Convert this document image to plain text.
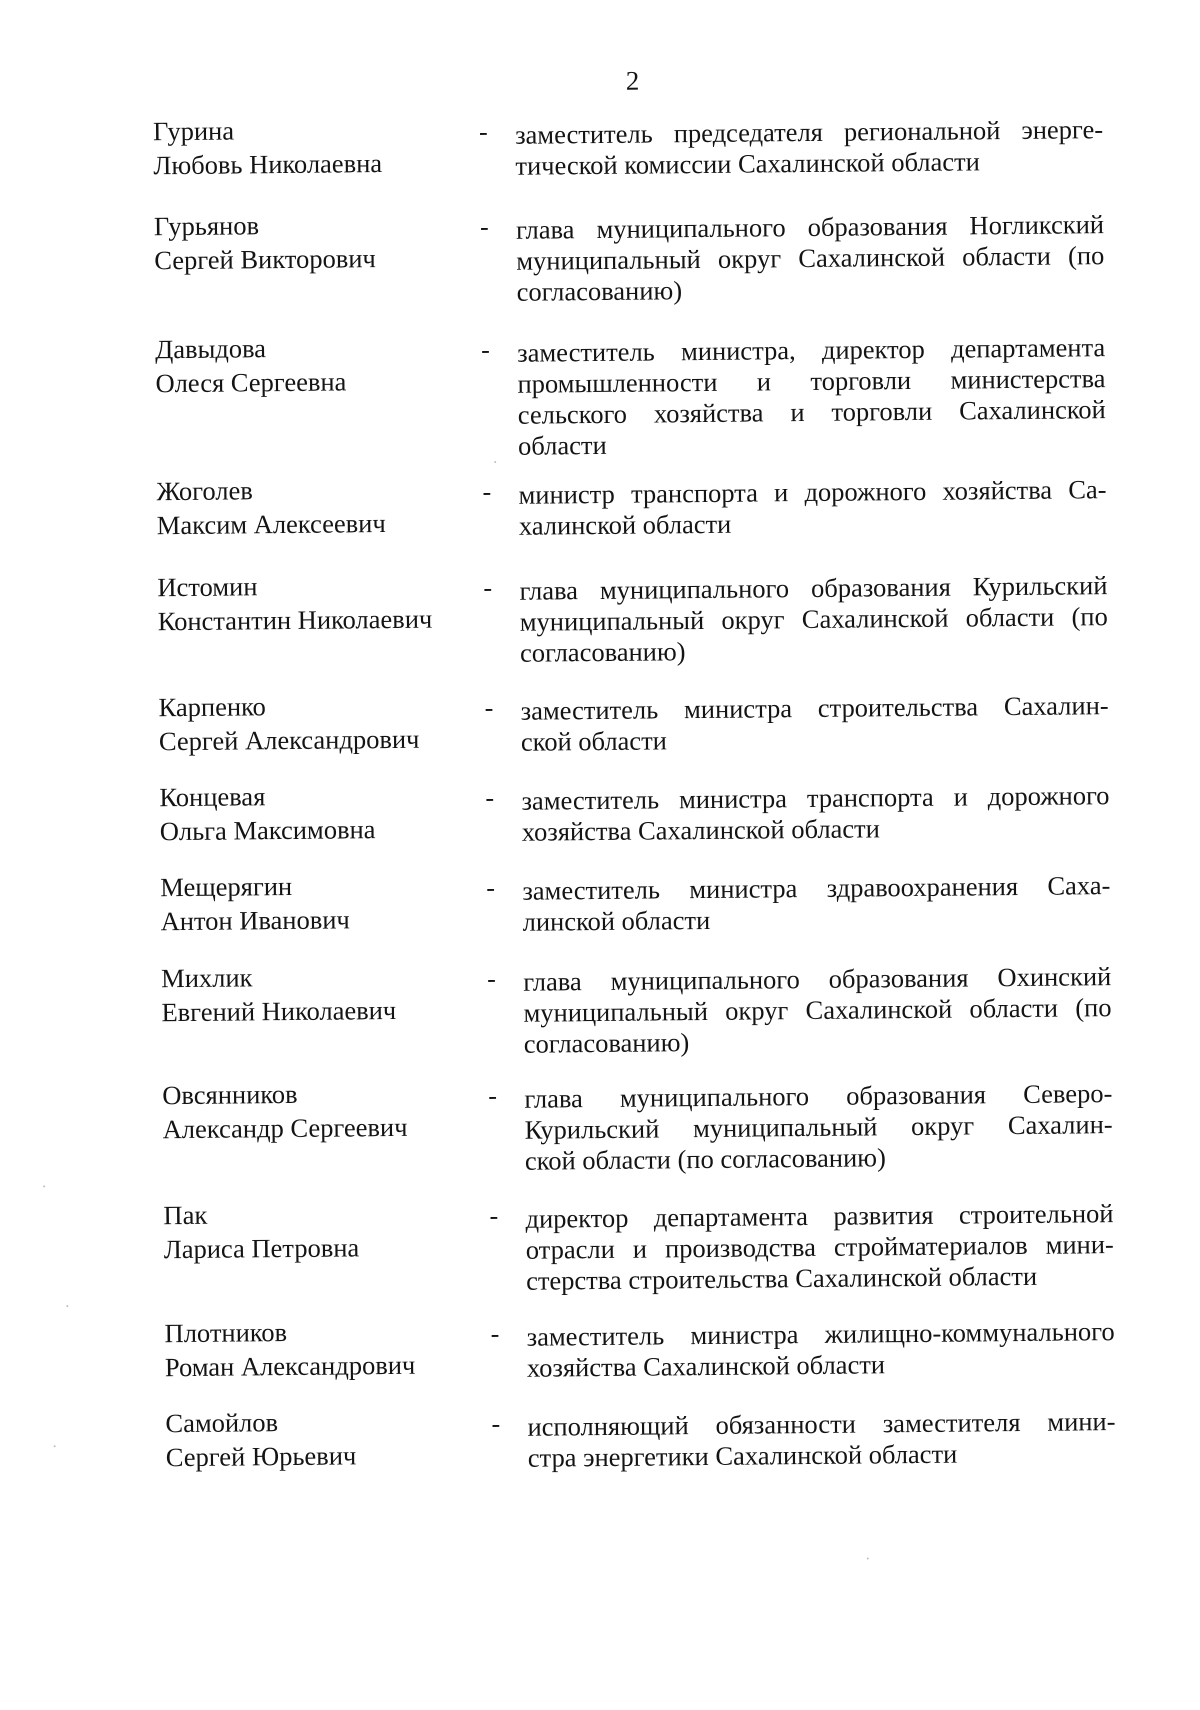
2
Гурина
Любовь Николаевна
- заместитель председателя региональной энерге-
тической комиссии Сахалинской области
Гурьянов
Сергей Викторович
- глава муниципального образования Ногликский
муниципальный округ Сахалинской области (по
согласованию)
Давыдова
Олеся Сергеевна
- заместитель министра, директор департамента
промышленности и торговли министерства
сельского хозяйства и торговли Сахалинской
области
Жоголев
Максим Алексеевич
- министр транспорта и дорожного хозяйства Са-
халинской области
Истомин
Константин Николаевич
- глава муниципального образования Курильский
муниципальный округ Сахалинской области (по
согласованию)
Карпенко
Сергей Александрович
- заместитель министра строительства Сахалин-
ской области
Концевая
Ольга Максимовна
- заместитель министра транспорта и дорожного
хозяйства Сахалинской области
Мещерягин
Антон Иванович
- заместитель министра здравоохранения Саха-
линской области
Михлик
Евгений Николаевич
- глава муниципального образования Охинский
муниципальный округ Сахалинской области (по
согласованию)
Овсянников
Александр Сергеевич
- глава муниципального образования Северо-
Курильский муниципальный округ Сахалин-
ской области (по согласованию)
Пак
Лариса Петровна
- директор департамента развития строительной
отрасли и производства стройматериалов мини-
стерства строительства Сахалинской области
Плотников
Роман Александрович
- заместитель министра жилищно-коммунального
хозяйства Сахалинской области
Самойлов
Сергей Юрьевич
- исполняющий обязанности заместителя мини-
стра энергетики Сахалинской области
